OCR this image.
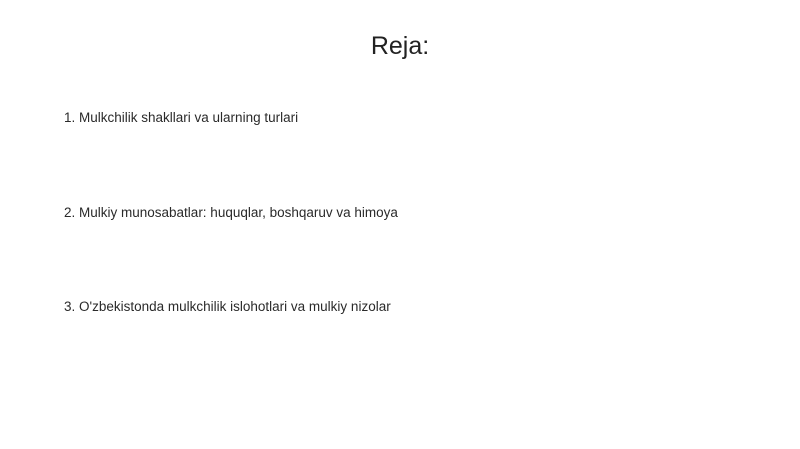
Reja:
1. Mulkchilik shakllari va ularning turlari
2. Mulkiy munosabatlar: huquqlar, boshqaruv va himoya
3. O'zbekistonda mulkchilik islohotlari va mulkiy nizolar
